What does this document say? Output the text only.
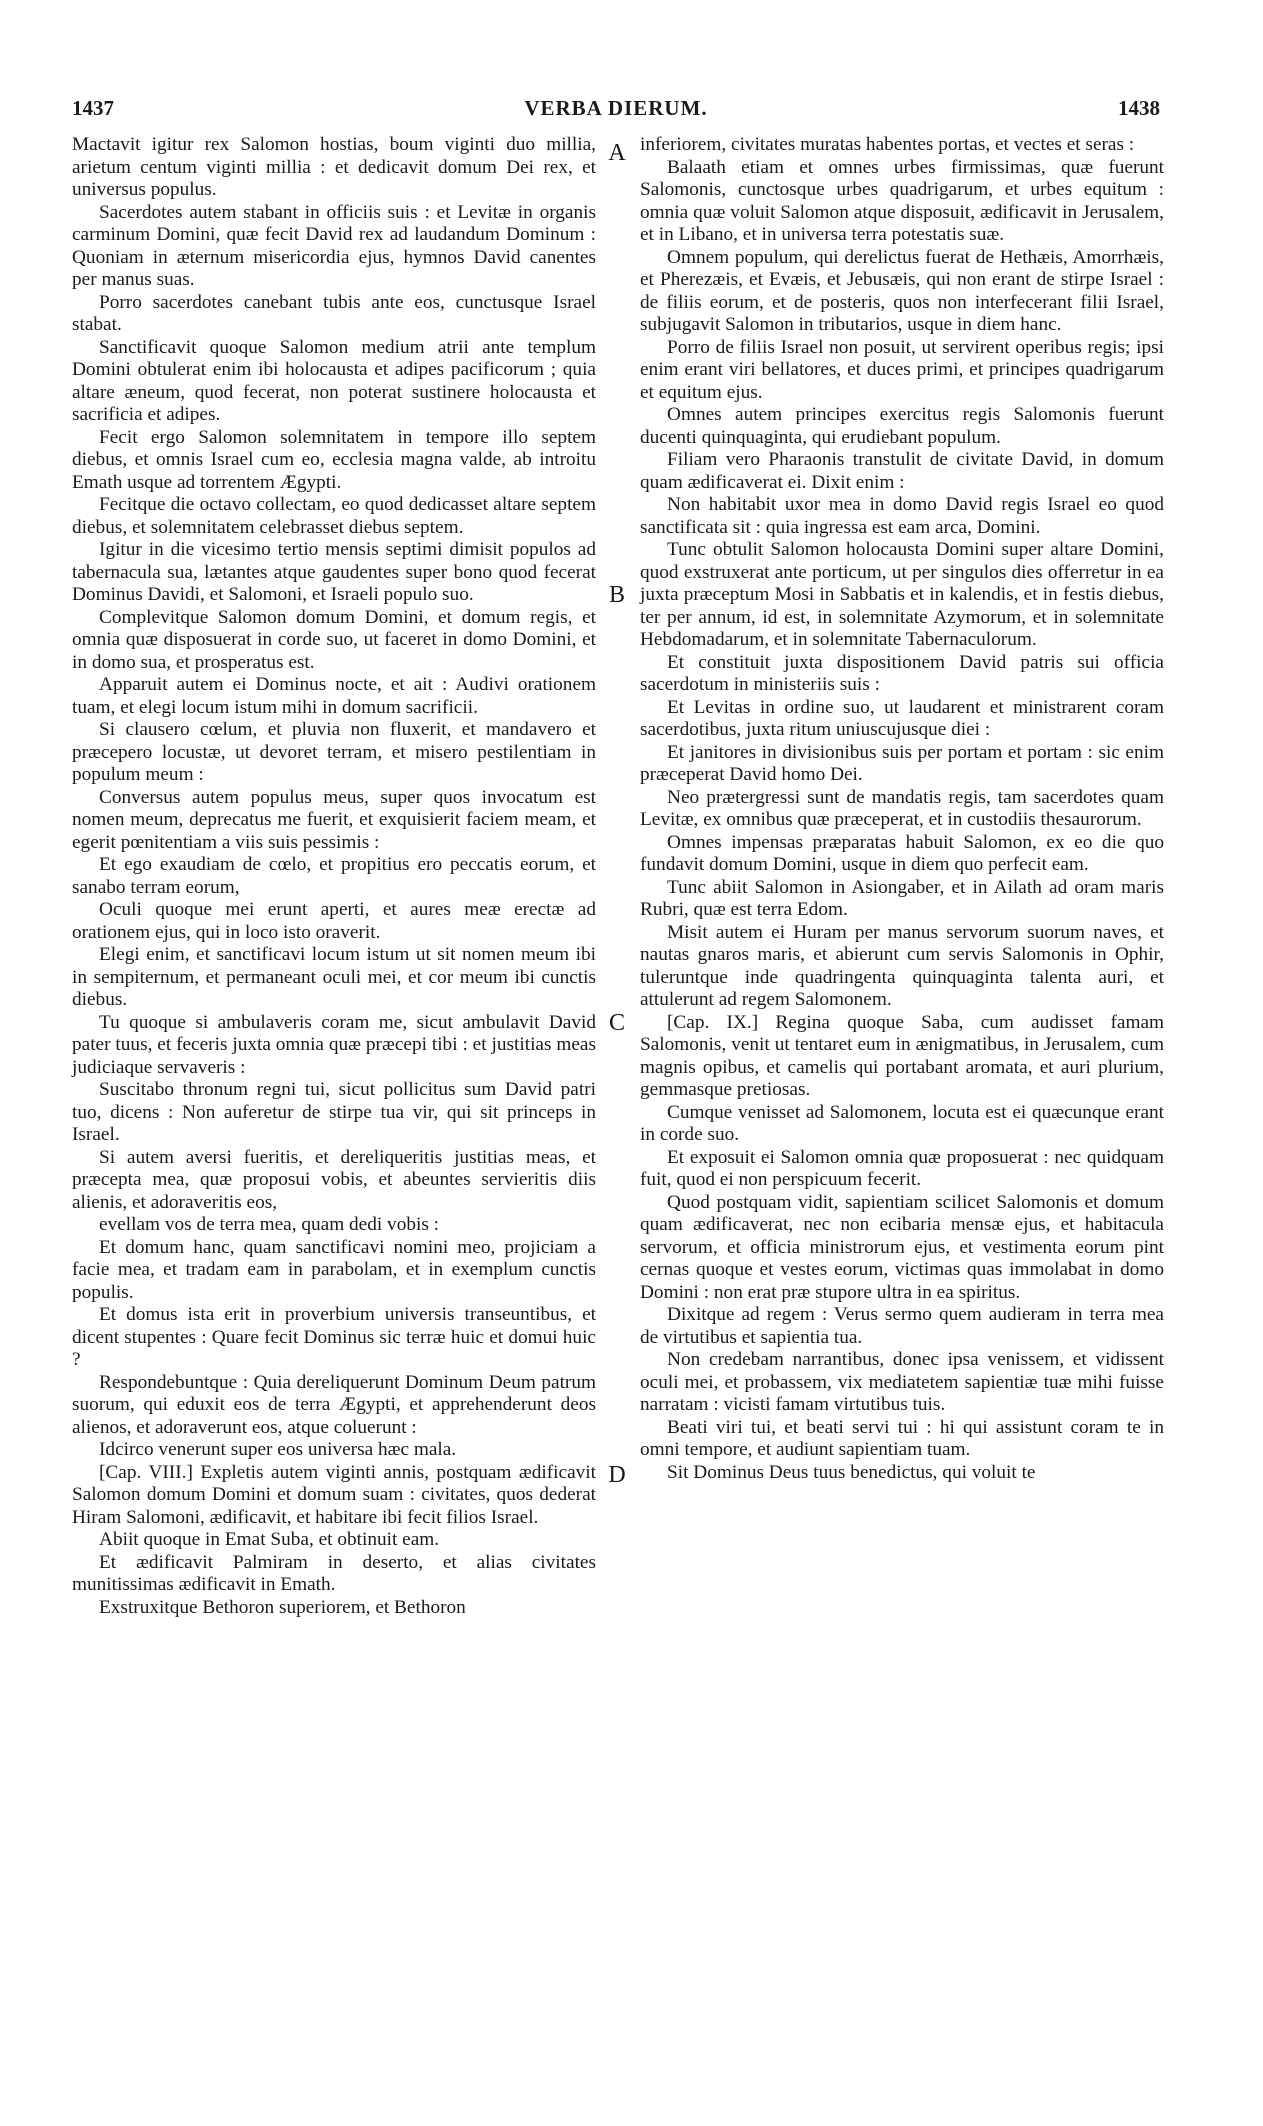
1437	VERBA DIERUM.	1438

Mactavit igitur rex Salomon hostias, boum viginti duo millia, arietum centum viginti millia : et dedicavit domum Dei rex, et universus populus.

Sacerdotes autem stabant in officiis suis : et Levitæ in organis carminum Domini, quæ fecit David rex ad laudandum Dominum : Quoniam in æternum misericordia ejus, hymnos David canentes per manus suas.

Porro sacerdotes canebant tubis ante eos, cunctusque Israel stabat.

Sanctificavit quoque Salomon medium atrii ante templum Domini obtulerat enim ibi holocausta et adipes pacificorum ; quia altare æneum, quod fecerat, non poterat sustinere holocausta et sacrificia et adipes.

Fecit ergo Salomon solemnitatem in tempore illo septem diebus, et omnis Israel cum eo, ecclesia magna valde, ab introitu Emath usque ad torrentem Ægypti.

Fecitque die octavo collectam, eo quod dedicasset altare septem diebus, et solemnitatem celebrasset diebus septem.

Igitur in die vicesimo tertio mensis septimi dimisit populos ad tabernacula sua, lætantes atque gaudentes super bono quod fecerat Dominus Davidi, et Salomoni, et Israeli populo suo.

Complevitque Salomon domum Domini, et domum regis, et omnia quæ disposuerat in corde suo, ut faceret in domo Domini, et in domo sua, et prosperatus est.

Apparuit autem ei Dominus nocte, et ait : Audivi orationem tuam, et elegi locum istum mihi in domum sacrificii.

Si clausero cœlum, et pluvia non fluxerit, et mandavero et præcepero locustæ, ut devoret terram, et misero pestilentiam in populum meum :

Conversus autem populus meus, super quos invocatum est nomen meum, deprecatus me fuerit, et exquisierit faciem meam, et egerit pœnitentiam a viis suis pessimis :

Et ego exaudiam de cœlo, et propitius ero peccatis eorum, et sanabo terram eorum,

Oculi quoque mei erunt aperti, et aures meæ erectæ ad orationem ejus, qui in loco isto oraverit.

Elegi enim, et sanctificavi locum istum ut sit nomen meum ibi in sempiternum, et permaneant oculi mei, et cor meum ibi cunctis diebus.

Tu quoque si ambulaveris coram me, sicut ambulavit David pater tuus, et feceris juxta omnia quæ præcepi tibi : et justitias meas judiciaque servaveris :

Suscitabo thronum regni tui, sicut pollicitus sum David patri tuo, dicens : Non auferetur de stirpe tua vir, qui sit princeps in Israel.

Si autem aversi fueritis, et dereliqueritis justitias meas, et præcepta mea, quæ proposui vobis, et abeuntes servieritis diis alienis, et adoraveritis eos,

evellam vos de terra mea, quam dedi vobis :

Et domum hanc, quam sanctificavi nomini meo, projiciam a facie mea, et tradam eam in parabolam, et in exemplum cunctis populis.

Et domus ista erit in proverbium universis transeuntibus, et dicent stupentes : Quare fecit Dominus sic terræ huic et domui huic ?

Respondebuntque : Quia dereliquerunt Dominum Deum patrum suorum, qui eduxit eos de terra Ægypti, et apprehenderunt deos alienos, et adoraverunt eos, atque coluerunt :

Idcirco venerunt super eos universa hæc mala.

[Cap. VIII.] Expletis autem viginti annis, postquam ædificavit Salomon domum Domini et domum suam : civitates, quos dederat Hiram Salomoni, ædificavit, et habitare ibi fecit filios Israel.

Abiit quoque in Emat Suba, et obtinuit eam.

Et ædificavit Palmiram in deserto, et alias civitates munitissimas ædificavit in Emath.

Exstruxitque Bethoron superiorem, et Bethoron

A
B
C
D

inferiorem, civitates muratas habentes portas, et vectes et seras :

Balaath etiam et omnes urbes firmissimas, quæ fuerunt Salomonis, cunctosque urbes quadrigarum, et urbes equitum : omnia quæ voluit Salomon atque disposuit, ædificavit in Jerusalem, et in Libano, et in universa terra potestatis suæ.

Omnem populum, qui derelictus fuerat de Hethæis, Amorrhæis, et Pherezæis, et Evæis, et Jebusæis, qui non erant de stirpe Israel : de filiis eorum, et de posteris, quos non interfecerant filii Israel, subjugavit Salomon in tributarios, usque in diem hanc.

Porro de filiis Israel non posuit, ut servirent operibus regis; ipsi enim erant viri bellatores, et duces primi, et principes quadrigarum et equitum ejus.

Omnes autem principes exercitus regis Salomonis fuerunt ducenti quinquaginta, qui erudiebant populum.

Filiam vero Pharaonis transtulit de civitate David, in domum quam ædificaverat ei. Dixit enim :

Non habitabit uxor mea in domo David regis Israel eo quod sanctificata sit : quia ingressa est eam arca, Domini.

Tunc obtulit Salomon holocausta Domini super altare Domini, quod exstruxerat ante porticum, ut per singulos dies offerretur in ea juxta præceptum Mosi in Sabbatis et in kalendis, et in festis diebus, ter per annum, id est, in solemnitate Azymorum, et in solemnitate Hebdomadarum, et in solemnitate Tabernaculorum.

Et constituit juxta dispositionem David patris sui officia sacerdotum in ministeriis suis :

Et Levitas in ordine suo, ut laudarent et ministrarent coram sacerdotibus, juxta ritum uniuscujusque diei :

Et janitores in divisionibus suis per portam et portam : sic enim præceperat David homo Dei.

Neo prætergressi sunt de mandatis regis, tam sacerdotes quam Levitæ, ex omnibus quæ præceperat, et in custodiis thesaurorum.

Omnes impensas præparatas habuit Salomon, ex eo die quo fundavit domum Domini, usque in diem quo perfecit eam.

Tunc abiit Salomon in Asiongaber, et in Ailath ad oram maris Rubri, quæ est terra Edom.

Misit autem ei Huram per manus servorum suorum naves, et nautas gnaros maris, et abierunt cum servis Salomonis in Ophir, tuleruntque inde quadringenta quinquaginta talenta auri, et attulerunt ad regem Salomonem.

[Cap. IX.] Regina quoque Saba, cum audisset famam Salomonis, venit ut tentaret eum in ænigmatibus, in Jerusalem, cum magnis opibus, et camelis qui portabant aromata, et auri plurium, gemmasque pretiosas.

Cumque venisset ad Salomonem, locuta est ei quæcunque erant in corde suo.

Et exposuit ei Salomon omnia quæ proposuerat : nec quidquam fuit, quod ei non perspicuum fecerit.

Quod postquam vidit, sapientiam scilicet Salomonis et domum quam ædificaverat, nec non ecibaria mensæ ejus, et habitacula servorum, et officia ministrorum ejus, et vestimenta eorum pint cernas quoque et vestes eorum, victimas quas immolabat in domo Domini : non erat præ stupore ultra in ea spiritus.

Dixitque ad regem : Verus sermo quem audieram in terra mea de virtutibus et sapientia tua.

Non credebam narrantibus, donec ipsa venissem, et vidissent oculi mei, et probassem, vix mediatetem sapientiæ tuæ mihi fuisse narratam : vicisti famam virtutibus tuis.

Beati viri tui, et beati servi tui : hi qui assistunt coram te in omni tempore, et audiunt sapientiam tuam.

Sit Dominus Deus tuus benedictus, qui voluit te
